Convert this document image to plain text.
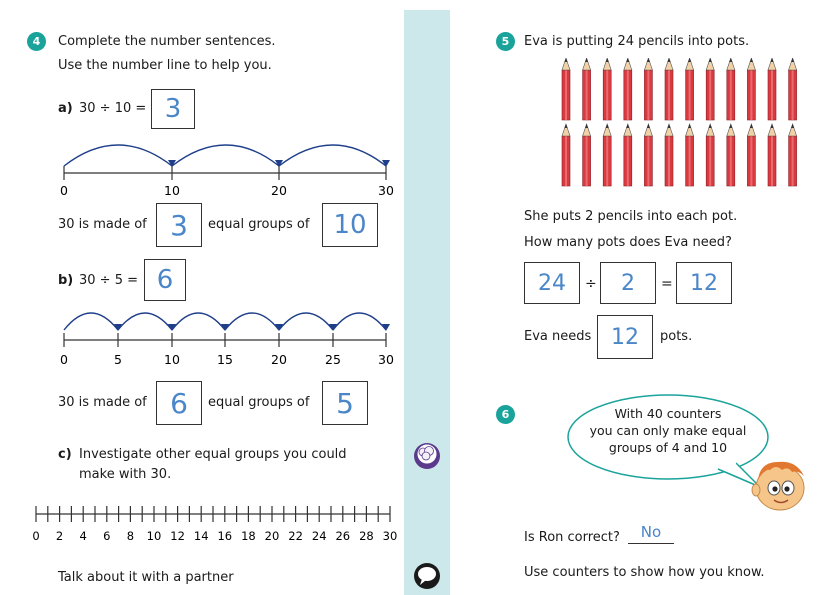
4	Complete the number sentences.
Use the number line to help you.
a) 30 ÷ 10 = 3
0	10	20	30
30 is made of 3	equal groups of 10
b) 30 ÷ 5 = 6
0	5	10	15	20	25	30
30 is made of 6	equal groups of 5
c) Investigate other equal groups you could
make with 30.
0 2 4 6 8 10 12 14 16 18 20 22 24 26 28 30
Talk about it with a partner
5	Eva is putting 24 pencils into pots.
She puts 2 pencils into each pot.
How many pots does Eva need?
24	÷	2	= 12
Eva needs 12	pots.
6	With 40 counters
you can only make equal
groups of 4 and 10
Is Ron correct?	No
Use counters to show how you know.
